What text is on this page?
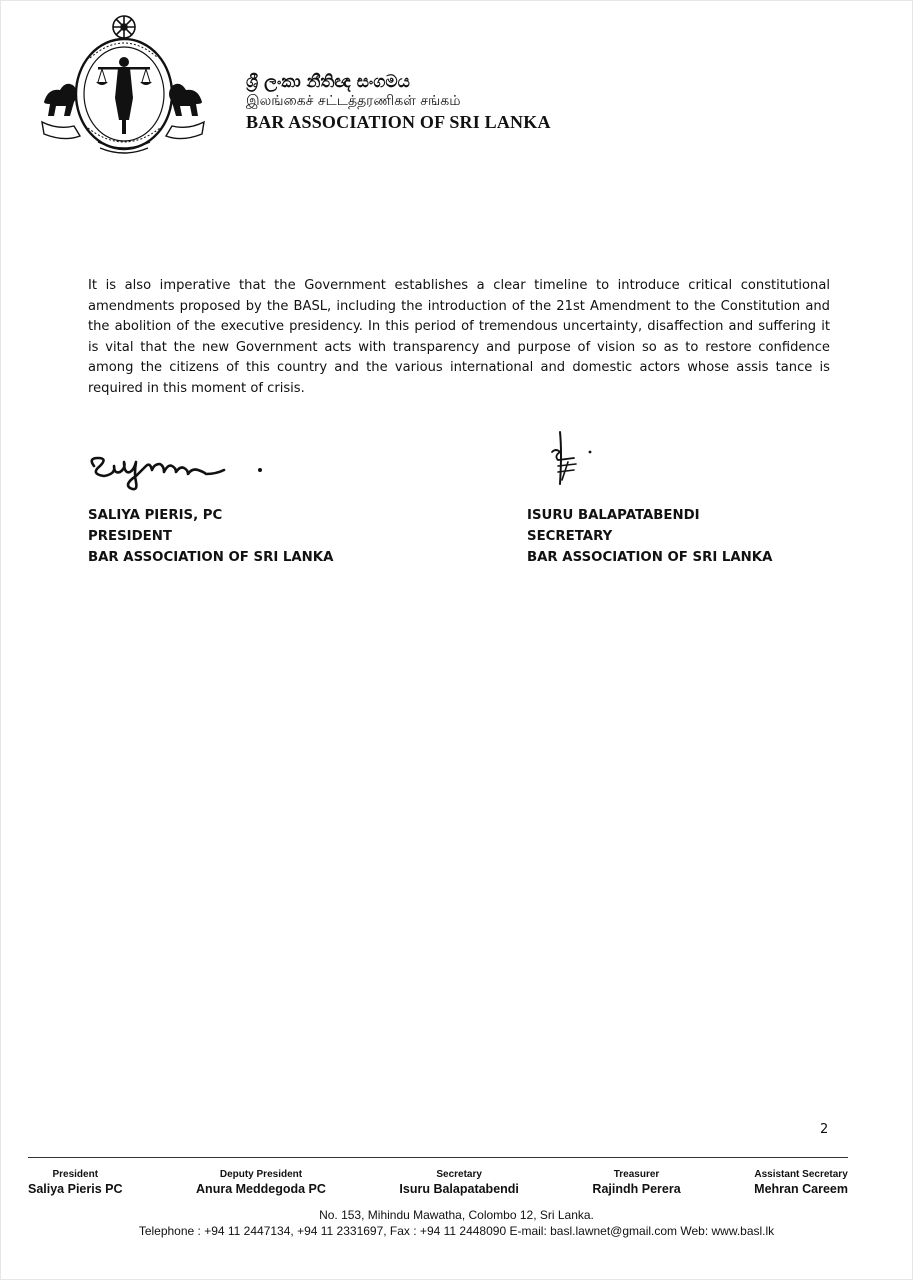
ශ්‍රී ලංකා නීතිඥ සංගමය

இலங்கைச் சட்டத்தரணிகள் சங்கம்

BAR ASSOCIATION OF SRI LANKA

It is also imperative that the Government establishes a clear timeline to introduce critical constitutional amendments proposed by the BASL, including the introduction of the 21st Amendment to the Constitution and the abolition of the executive presidency. In this period of tremendous uncertainty, disaffection and suffering it is vital that the new Government acts with transparency and purpose of vision so as to restore confidence among the citizens of this country and the various international and domestic actors whose assis tance is required in this moment of crisis.

SALIYA PIERIS, PC
PRESIDENT
BAR ASSOCIATION OF SRI LANKA
ISURU BALAPATABENDI
SECRETARY
BAR ASSOCIATION OF SRI LANKA
2
President
Saliya Pieris PC
Deputy President
Anura Meddegoda PC
Secretary
Isuru Balapatabendi
Treasurer
Rajindh Perera
Assistant Secretary
Mehran Careem
No. 153, Mihindu Mawatha, Colombo 12, Sri Lanka.
Telephone : +94 11 2447134, +94 11 2331697, Fax : +94 11 2448090 E-mail: basl.lawnet@gmail.com Web: www.basl.lk
